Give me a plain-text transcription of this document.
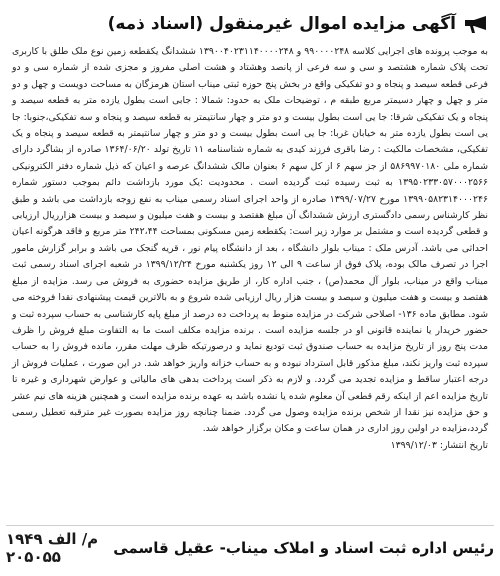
آگهی مزایده اموال غیرمنقول (اسناد ذمه)

به موجب پرونده های اجرایی کلاسه ۹۹۰۰۰۰۲۴۸ و ۱۳۹۰۰۴۰۲۳۱۱۴۰۰۰۰۲۴۸ ششدانگ یکقطعه زمین نوع ملک طلق با کاربری تحت پلاک شماره هشتصد و سی و سه فرعی از پانصد وهشتاد و هشت اصلی مفروز و مجزی شده از شماره سی و دو فرعی قطعه سیصد و پنجاه و دو تفکیکی واقع در بخش پنج حوزه ثبتی میناب استان هرمزگان به مساحت دویست و چهل و دو متر و چهل و چهار دسیمتر مربع طبقه م ، توضیحات ملک به حدود: شمالا : جابی است بطول یازده متر به قطعه سیصد و پنجاه و یک تفکیکی شرقا: جا یی است بطول بیست و دو متر و چهار سانتیمتر به قطعه سیصد و پنجاه و سه تفکیکی،جنوبا: جا یی است بطول یازده متر به خیابان غربا: جا یی است بطول بیست و دو متر و چهار سانتیمتر به قطعه سیصد و پنجاه و یک تفکیکی، مشخصات مالکیت : رضا باقری فرزند کیدی به شماره شناسنامه ۱۱ تاریخ تولد ۱۳۶۴/۰۶/۲۰ صادره از بشاگرد دارای شماره ملی ۵۸۶۹۹۷۰۱۸۰ از جز سهم ۶ از کل سهم ۶ بعنوان مالک ششدانگ عرصه و اعیان که ذیل شماره دفتر الکترونیکی ۱۳۹۵۰۲۳۳۰۵۷۰۰۰۲۵۶۶ به ثبت رسیده ثبت گردیده است . محدودیت :یک مورد بازداشت دائم بموجب دستور شماره ۱۳۹۹۰۵۸۲۳۱۴۰۰۰۲۴۶ مورخ ۱۳۹۹/۰۷/۲۷ صادره از واحد اجرای اسناد رسمی میناب به نفع زوجه بازداشت می باشد و طبق نظر کارشناس رسمی دادگستری ارزش ششدانگ آن مبلغ هفتصد و بیست و هفت میلیون و سیصد و بیست هزارریال ارزیابی و قطعی گردیده است و مشتمل بر موارد زیر است: یکقطعه زمین مسکونی بمساحت ۲۴۲،۴۴ متر مربع و فاقد هرگونه اعیان احداثی می باشد. آدرس ملک : میناب بلوار دانشگاه ، بعد از دانشگاه پیام نور ، قریه گنجک می باشد و برابر گزارش مامور اجرا در تصرف مالک بوده، پلاک فوق از ساعت ۹ الی ۱۲ روز یکشنبه مورخ ۱۳۹۹/۱۲/۲۴ در شعبه اجرای اسناد رسمی ثبت میناب واقع در میناب، بلوار آل محمد(ص) ، جنب اداره کار، از طریق مزایده حضوری به فروش می رسد. مزایده از مبلغ هفتصد و بیست و هفت میلیون و سیصد و بیست هزار ریال ارزیابی شده شروع و به بالاترین قیمت پیشنهادی نقدا فروخته می شود. مطابق ماده ۱۳۶- اصلاحی شرکت در مزایده منوط به پرداخت ده درصد از مبلغ پایه کارشناسی به حساب سپرده ثبت و حضور خریدار یا نماینده قانونی او در جلسه مزایده است . برنده مزایده مکلف است ما به التفاوت مبلغ فروش را ظرف مدت پنج روز از تاریخ مزایده به حساب صندوق ثبت تودیع نماید و درصورتیکه ظرف مهلت مقرر، مانده فروش را به حساب سپرده ثبت واریز نکند، مبلغ مذکور قابل استرداد نبوده و به حساب خزانه واریز خواهد شد. در این صورت ، عملیات فروش از درجه اعتبار ساقط و مزایده تجدید می گردد. و لازم به ذکر است پرداخت بدهی های مالیاتی و عوارض شهرداری و غیره تا تاریخ مزایده اعم از اینکه رقم قطعی آن معلوم شده یا نشده باشد به عهده برنده مزایده است و همچنین هزینه های نیم عشر و حق مزایده نیز نقدا از شخص برنده مزایده وصول می گردد. ضمنا چنانچه روز مزایده بصورت غیر مترقبه تعطیل رسمی گردد،مزایده در اولین روز اداری در همان ساعت و مکان برگزار خواهد شد.

تاریخ انتشار: ۱۳۹۹/۱۲/۰۳

رئیس اداره ثبت اسناد و املاک میناب- عقیل قاسمی
۱۹۴۹ م/ الف ۲۰۵۰۵۵
